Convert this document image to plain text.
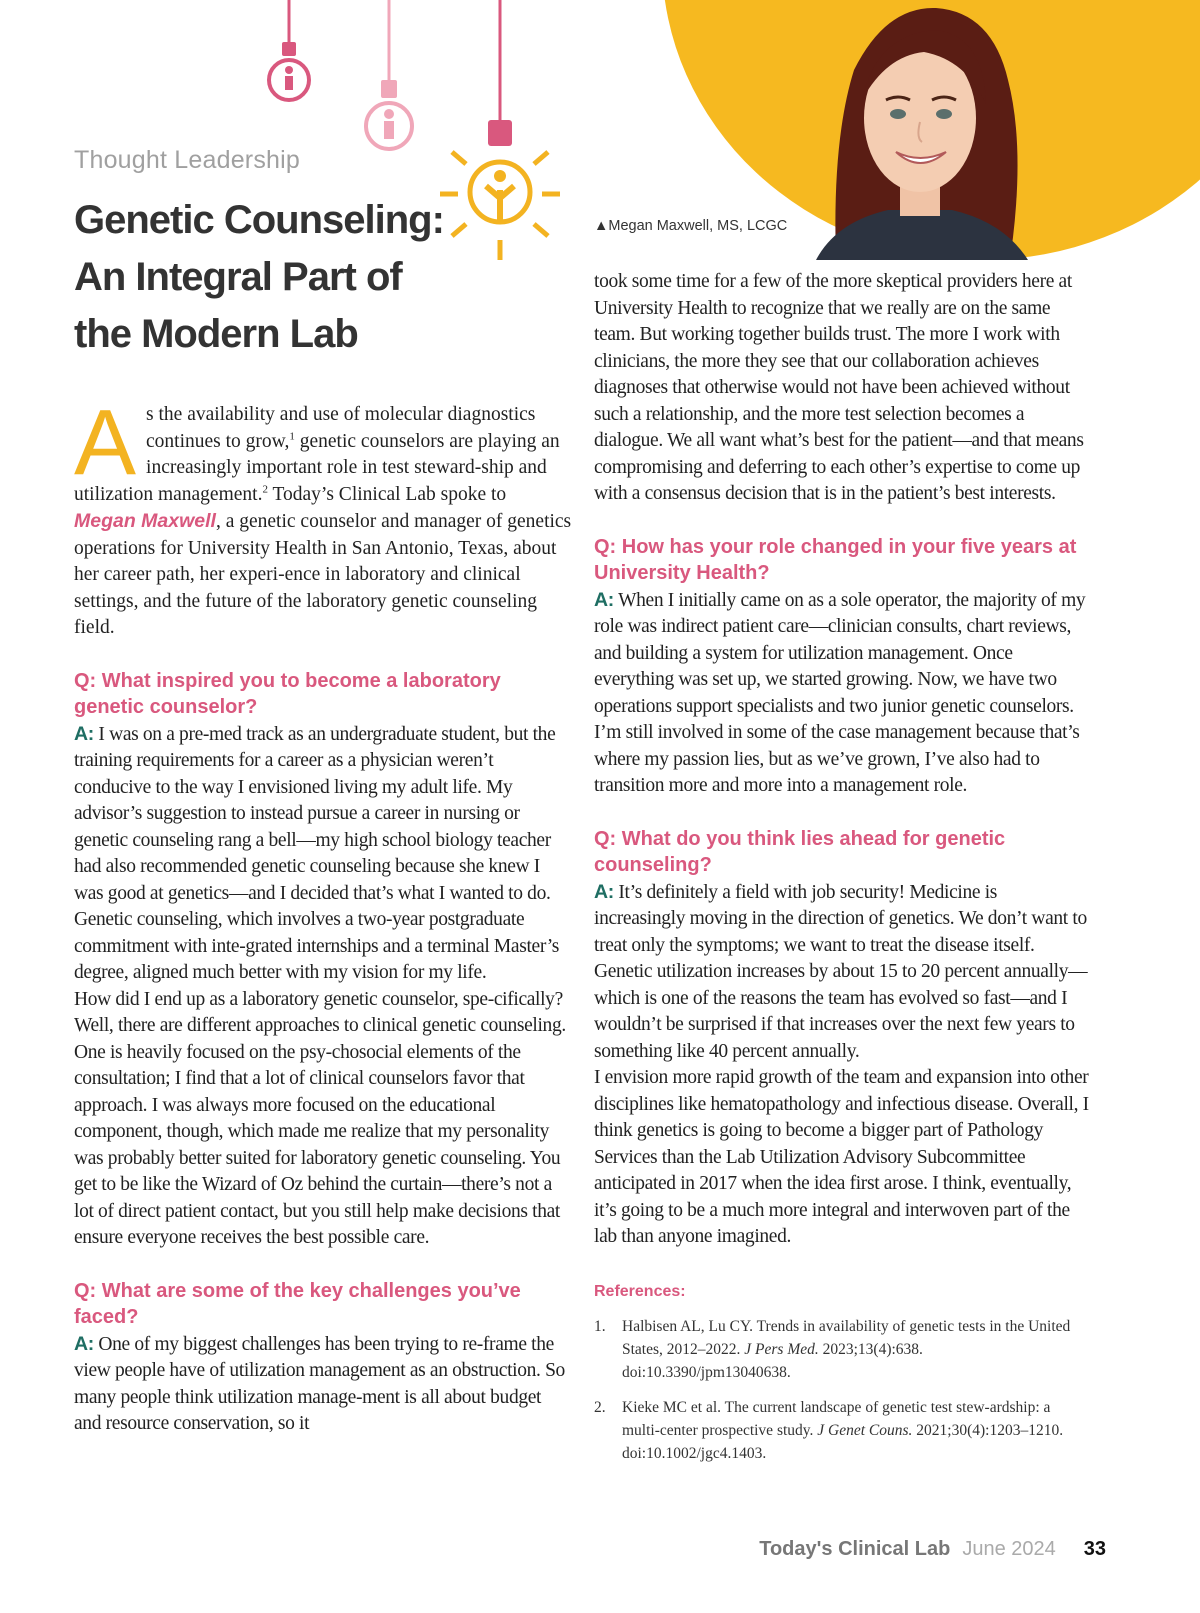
▲Megan Maxwell, MS, LCGC
Thought Leadership
Genetic Counseling:
An Integral Part of
the Modern Lab

As the availability and use of molecular diagnostics continues to grow,$^1$ genetic counselors are playing an increasingly important role in test steward-ship and utilization management.$^2$ Today’s Clinical Lab spoke to Megan Maxwell, a genetic counselor and manager of genetics operations for University Health in San Antonio, Texas, about her career path, her experi-ence in laboratory and clinical settings, and the future of the laboratory genetic counseling field.

Q: What inspired you to become a laboratory genetic counselor?

A: I was on a pre-med track as an undergraduate student, but the training requirements for a career as a physician weren’t conducive to the way I envisioned living my adult life. My advisor’s suggestion to instead pursue a career in nursing or genetic counseling rang a bell—my high school biology teacher had also recommended genetic counseling because she knew I was good at genetics—and I decided that’s what I wanted to do. Genetic counseling, which involves a two-year postgraduate commitment with inte-grated internships and a terminal Master’s degree, aligned much better with my vision for my life.

How did I end up as a laboratory genetic counselor, spe-cifically? Well, there are different approaches to clinical genetic counseling. One is heavily focused on the psy-chosocial elements of the consultation; I find that a lot of clinical counselors favor that approach. I was always more focused on the educational component, though, which made me realize that my personality was probably better suited for laboratory genetic counseling. You get to be like the Wizard of Oz behind the curtain—there’s not a lot of direct patient contact, but you still help make decisions that ensure everyone receives the best possible care.

Q: What are some of the key challenges you’ve faced?

A: One of my biggest challenges has been trying to re-frame the view people have of utilization management as an obstruction. So many people think utilization manage-ment is all about budget and resource conservation, so it

took some time for a few of the more skeptical providers here at University Health to recognize that we really are on the same team. But working together builds trust. The more I work with clinicians, the more they see that our collaboration achieves diagnoses that otherwise would not have been achieved without such a relationship, and the more test selection becomes a dialogue. We all want what’s best for the patient—and that means compromising and deferring to each other’s expertise to come up with a consensus decision that is in the patient’s best interests.

Q: How has your role changed in your five years at University Health?

A: When I initially came on as a sole operator, the majority of my role was indirect patient care—clinician consults, chart reviews, and building a system for utilization management. Once everything was set up, we started growing. Now, we have two operations support specialists and two junior genetic counselors. I’m still involved in some of the case management because that’s where my passion lies, but as we’ve grown, I’ve also had to transition more and more into a management role.

Q: What do you think lies ahead for genetic counseling?

A: It’s definitely a field with job security! Medicine is increasingly moving in the direction of genetics. We don’t want to treat only the symptoms; we want to treat the disease itself. Genetic utilization increases by about 15 to 20 percent annually—which is one of the reasons the team has evolved so fast—and I wouldn’t be surprised if that increases over the next few years to something like 40 percent annually.

I envision more rapid growth of the team and expansion into other disciplines like hematopathology and infectious disease. Overall, I think genetics is going to become a bigger part of Pathology Services than the Lab Utilization Advisory Subcommittee anticipated in 2017 when the idea first arose. I think, eventually, it’s going to be a much more integral and interwoven part of the lab than anyone imagined.

References:

1. Halbisen AL, Lu CY. Trends in availability of genetic tests in the United States, 2012–2022. J Pers Med. 2023;13(4):638. doi:10.3390/jpm13040638.
2. Kieke MC et al. The current landscape of genetic test stew-ardship: a multi-center prospective study. J Genet Couns. 2021;30(4):1203–1210. doi:10.1002/jgc4.1403.
Today's Clinical Lab June 2024 33
